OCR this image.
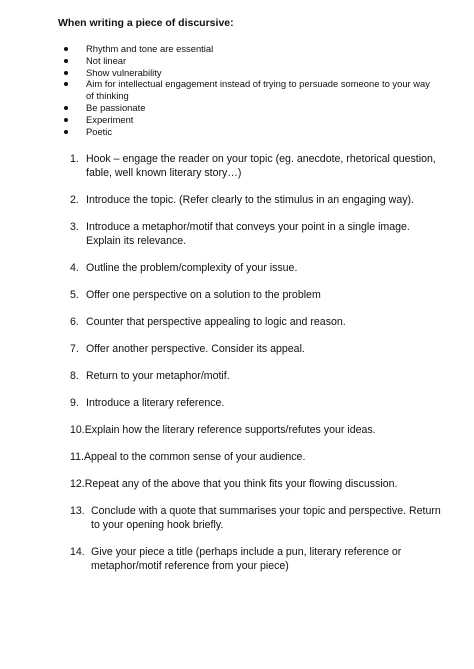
When writing a piece of discursive:
Rhythm and tone are essential
Not linear
Show vulnerability
Aim for intellectual engagement instead of trying to persuade someone to your way of thinking
Be passionate
Experiment
Poetic
1. Hook – engage the reader on your topic (eg. anecdote, rhetorical question, fable, well known literary story…)
2. Introduce the topic. (Refer clearly to the stimulus in an engaging way).
3. Introduce a metaphor/motif that conveys your point in a single image. Explain its relevance.
4. Outline the problem/complexity of your issue.
5. Offer one perspective on a solution to the problem
6. Counter that perspective appealing to logic and reason.
7. Offer another perspective. Consider its appeal.
8. Return to your metaphor/motif.
9. Introduce a literary reference.
10.Explain how the literary reference supports/refutes your ideas.
11.Appeal to the common sense of your audience.
12.Repeat any of the above that you think fits your flowing discussion.
13. Conclude with a quote that summarises your topic and perspective. Return to your opening hook briefly.
14. Give your piece a title (perhaps include a pun, literary reference or metaphor/motif reference from your piece)
